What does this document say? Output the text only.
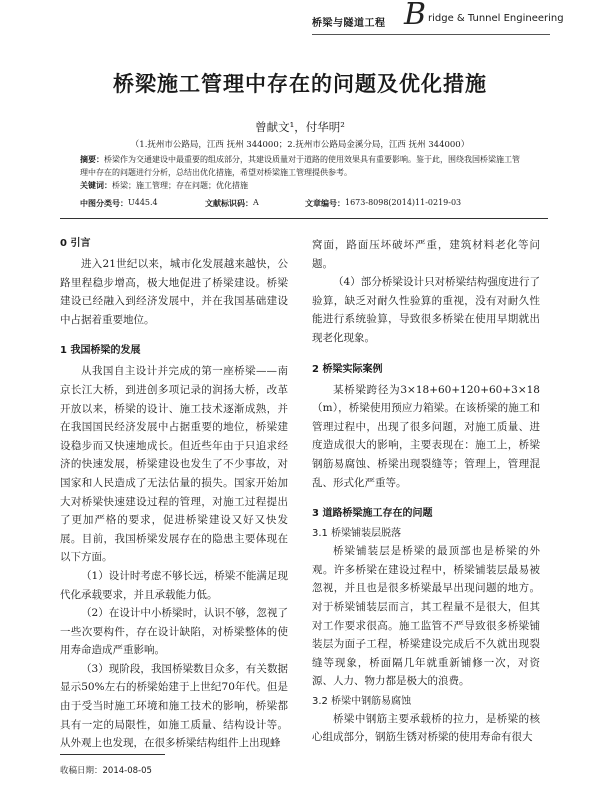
桥梁与隧道工程 B ridge & Tunnel Engineering
桥梁施工管理中存在的问题及优化措施
曾献文¹，付华明²
（1.抚州市公路局，江西 抚州 344000；2.抚州市公路局金溪分局，江西 抚州 344000）
摘要：桥梁作为交通建设中最重要的组成部分，其建设质量对于道路的使用效果具有重要影响。鉴于此，围绕我国桥梁施工管理中存在的问题进行分析，总结出优化措施，希望对桥梁施工管理提供参考。
关键词：桥梁；施工管理；存在问题；优化措施
中图分类号： U445.4	文献标识码： A	文章编号： 1673-8098(2014)11-0219-03
0 引言

进入21世纪以来，城市化发展越来越快，公路里程稳步增高，极大地促进了桥梁建设。桥梁建设已经融入到经济发展中，并在我国基础建设中占据着重要地位。

1 我国桥梁的发展

从我国自主设计并完成的第一座桥梁——南京长江大桥，到进创多项记录的润扬大桥，改革开放以来，桥梁的设计、施工技术逐渐成熟，并在我国国民经济发展中占据重要的地位，桥梁建设稳步而又快速地成长。但近些年由于只追求经济的快速发展，桥梁建设也发生了不少事故，对国家和人民造成了无法估量的损失。国家开始加大对桥梁快速建设过程的管理，对施工过程提出了更加严格的要求，促进桥梁建设又好又快发展。目前，我国桥梁发展存在的隐患主要体现在以下方面。

（1）设计时考虑不够长远，桥梁不能满足现代化承载要求，并且承载能力低。

（2）在设计中小桥梁时，认识不够，忽视了一些次要构件，存在设计缺陷，对桥梁整体的使用寿命造成严重影响。

（3）现阶段，我国桥梁数目众多，有关数据显示50%左右的桥梁始建于上世纪70年代。但是由于受当时施工环境和施工技术的影响，桥梁都具有一定的局限性，如施工质量、结构设计等。从外观上也发现，在很多桥梁结构组件上出现蜂

窝面，路面压坏破坏严重，建筑材料老化等问题。

（4）部分桥梁设计只对桥梁结构强度进行了验算，缺乏对耐久性验算的重视，没有对耐久性能进行系统验算，导致很多桥梁在使用早期就出现老化现象。

2 桥梁实际案例

某桥梁跨径为3×18+60+120+60+3×18（m），桥梁使用预应力箱梁。在该桥梁的施工和管理过程中，出现了很多问题，对施工质量、进度造成很大的影响，主要表现在：施工上，桥梁钢筋易腐蚀、桥梁出现裂缝等；管理上，管理混乱、形式化严重等。

3 道路桥梁施工存在的问题
3.1 桥梁铺装层脱落

桥梁铺装层是桥梁的最顶部也是桥梁的外观。许多桥梁在建设过程中，桥梁铺装层最易被忽视，并且也是很多桥梁最早出现问题的地方。对于桥梁铺装层而言，其工程量不是很大，但其对工作要求很高。施工监管不严导致很多桥梁铺装层为面子工程，桥梁建设完成后不久就出现裂缝等现象，桥面隔几年就重新铺修一次，对资源、人力、物力都是极大的浪费。

3.2 桥梁中钢筋易腐蚀

桥梁中钢筋主要承载桥的拉力，是桥梁的核心组成部分，钢筋生锈对桥梁的使用寿命有很大

收稿日期：2014-08-05
